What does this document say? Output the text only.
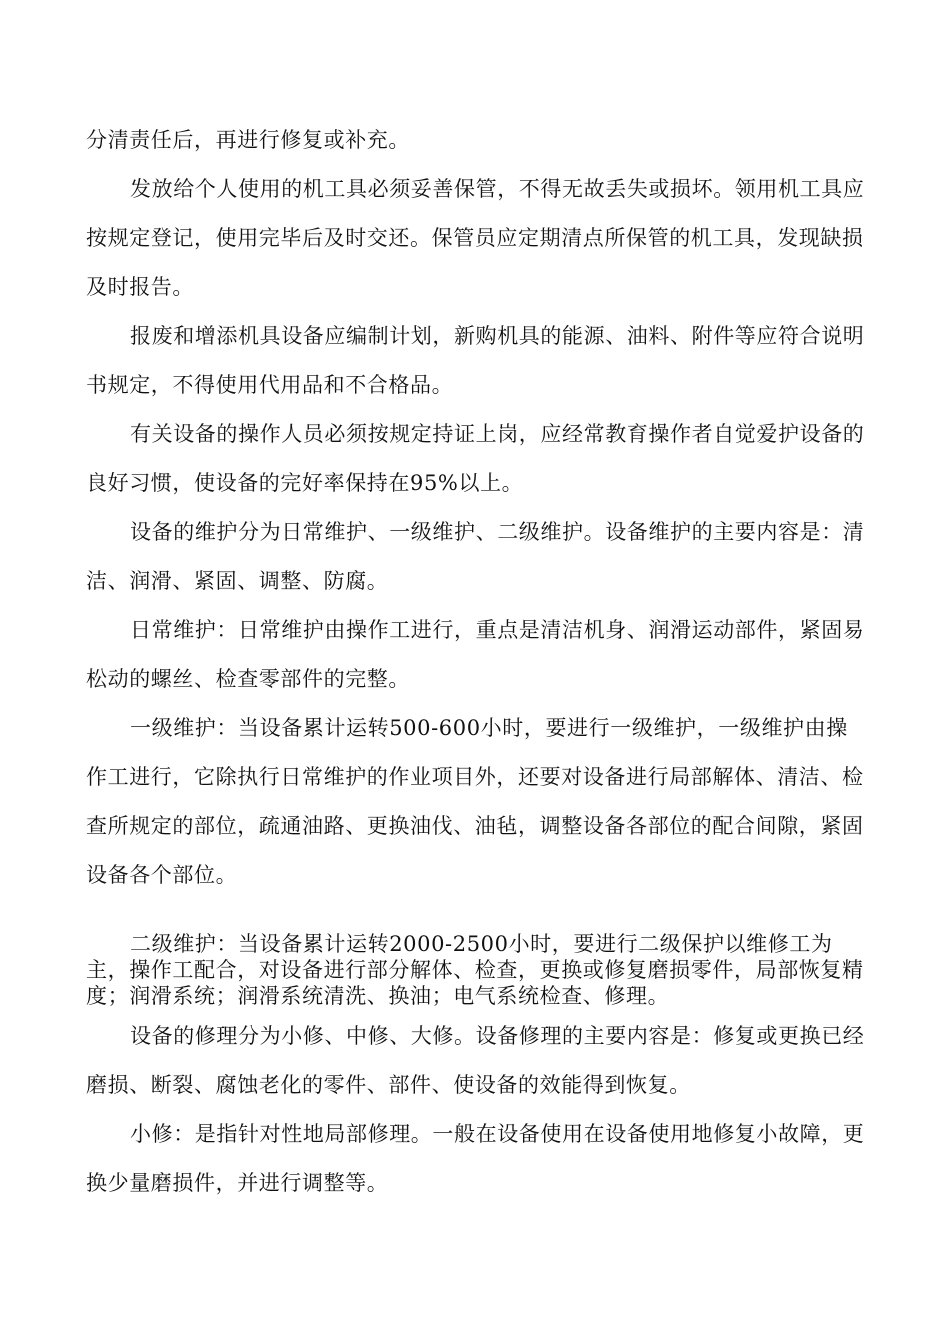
分清责任后，再进行修复或补充。

发放给个人使用的机工具必须妥善保管，不得无故丢失或损坏。领用机工具应按规定登记，使用完毕后及时交还。保管员应定期清点所保管的机工具，发现缺损及时报告。

报废和增添机具设备应编制计划，新购机具的能源、油料、附件等应符合说明书规定，不得使用代用品和不合格品。

有关设备的操作人员必须按规定持证上岗，应经常教育操作者自觉爱护设备的良好习惯，使设备的完好率保持在95%以上。

设备的维护分为日常维护、一级维护、二级维护。设备维护的主要内容是：清洁、润滑、紧固、调整、防腐。

日常维护：日常维护由操作工进行，重点是清洁机身、润滑运动部件，紧固易松动的螺丝、检查零部件的完整。

一级维护：当设备累计运转500-600小时，要进行一级维护，一级维护由操作工进行，它除执行日常维护的作业项目外，还要对设备进行局部解体、清洁、检查所规定的部位，疏通油路、更换油伐、油毡，调整设备各部位的配合间隙，紧固设备各个部位。

二级维护：当设备累计运转2000-2500小时，要进行二级保护以维修工为主，操作工配合，对设备进行部分解体、检查，更换或修复磨损零件，局部恢复精度；润滑系统；润滑系统清洗、换油；电气系统检查、修理。

设备的修理分为小修、中修、大修。设备修理的主要内容是：修复或更换已经磨损、断裂、腐蚀老化的零件、部件、使设备的效能得到恢复。

小修：是指针对性地局部修理。一般在设备使用在设备使用地修复小故障，更换少量磨损件，并进行调整等。
